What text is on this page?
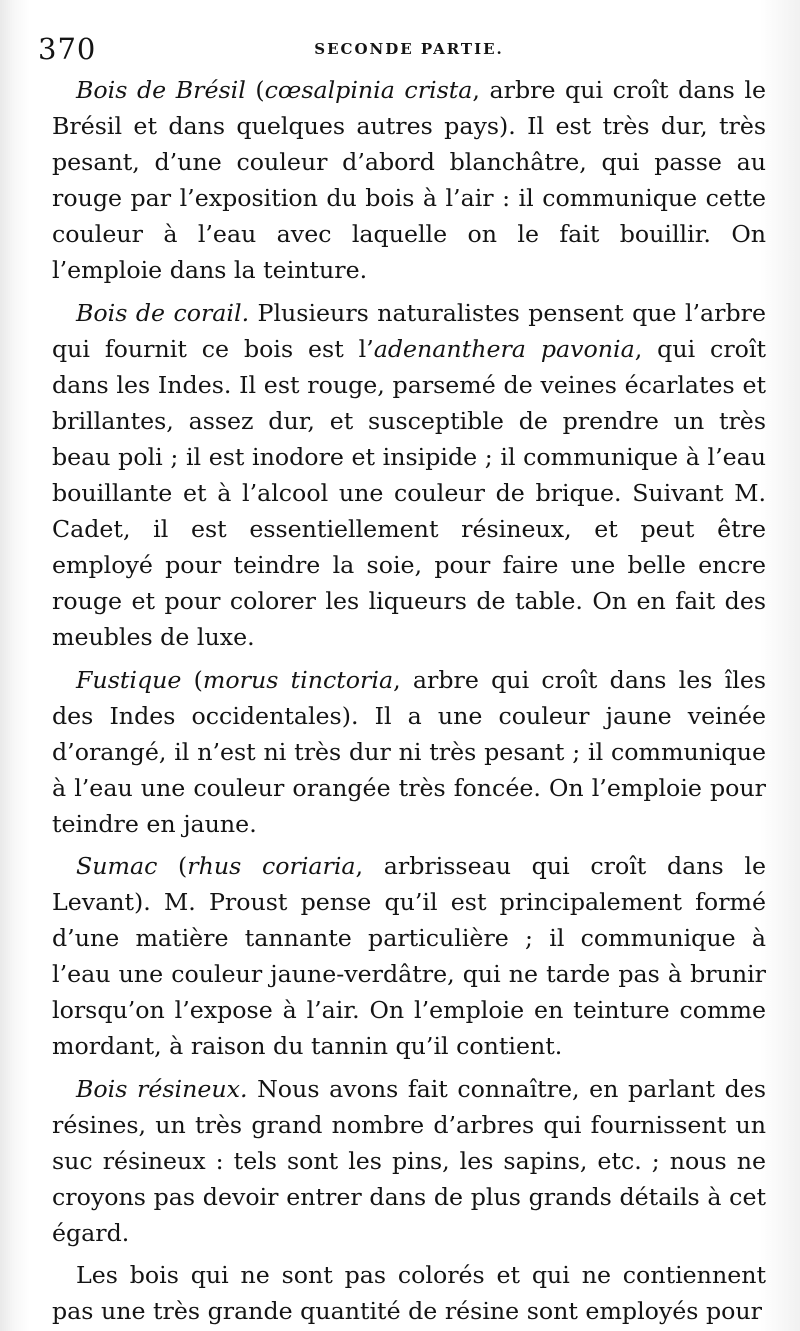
370	SECONDE PARTIE.

Bois de Brésil (cœsalpinia crista, arbre qui croît dans le Brésil et dans quelques autres pays). Il est très dur, très pesant, d’une couleur d’abord blanchâtre, qui passe au rouge par l’exposition du bois à l’air : il communique cette couleur à l’eau avec laquelle on le fait bouillir. On l’emploie dans la teinture.

Bois de corail. Plusieurs naturalistes pensent que l’arbre qui fournit ce bois est l’adenanthera pavonia, qui croît dans les Indes. Il est rouge, parsemé de veines écarlates et brillantes, assez dur, et susceptible de prendre un très beau poli ; il est inodore et insipide ; il communique à l’eau bouillante et à l’alcool une couleur de brique. Suivant M. Cadet, il est essentiellement résineux, et peut être employé pour teindre la soie, pour faire une belle encre rouge et pour colorer les liqueurs de table. On en fait des meubles de luxe.

Fustique (morus tinctoria, arbre qui croît dans les îles des Indes occidentales). Il a une couleur jaune veinée d’orangé, il n’est ni très dur ni très pesant ; il communique à l’eau une couleur orangée très foncée. On l’emploie pour teindre en jaune.

Sumac (rhus coriaria, arbrisseau qui croît dans le Levant). M. Proust pense qu’il est principalement formé d’une matière tannante particulière ; il communique à l’eau une couleur jaune-verdâtre, qui ne tarde pas à brunir lorsqu’on l’expose à l’air. On l’emploie en teinture comme mordant, à raison du tannin qu’il contient.

Bois résineux. Nous avons fait connaître, en parlant des résines, un très grand nombre d’arbres qui fournissent un suc résineux : tels sont les pins, les sapins, etc. ; nous ne croyons pas devoir entrer dans de plus grands détails à cet égard.

Les bois qui ne sont pas colorés et qui ne contiennent pas une très grande quantité de résine sont employés pour
